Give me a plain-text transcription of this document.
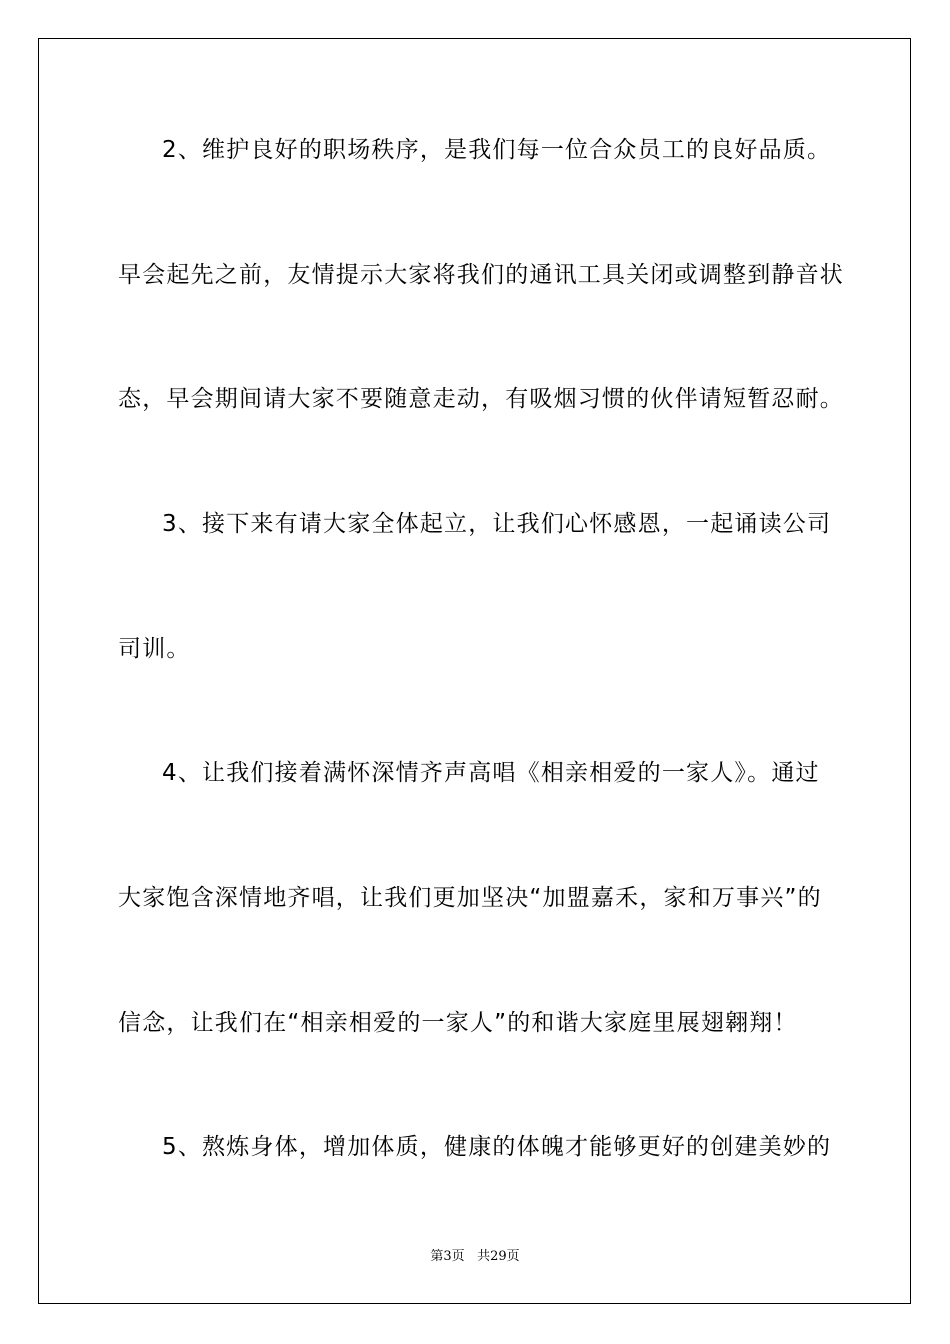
2、维护良好的职场秩序，是我们每一位合众员工的良好品质。
早会起先之前，友情提示大家将我们的通讯工具关闭或调整到静音状
态，早会期间请大家不要随意走动，有吸烟习惯的伙伴请短暂忍耐。
3、接下来有请大家全体起立，让我们心怀感恩，一起诵读公司
司训。
4、让我们接着满怀深情齐声高唱《相亲相爱的一家人》。通过
大家饱含深情地齐唱，让我们更加坚决“加盟嘉禾，家和万事兴”的
信念，让我们在“相亲相爱的一家人”的和谐大家庭里展翅翱翔！
5、熬炼身体，增加体质，健康的体魄才能够更好的创建美妙的
第3页 共29页
